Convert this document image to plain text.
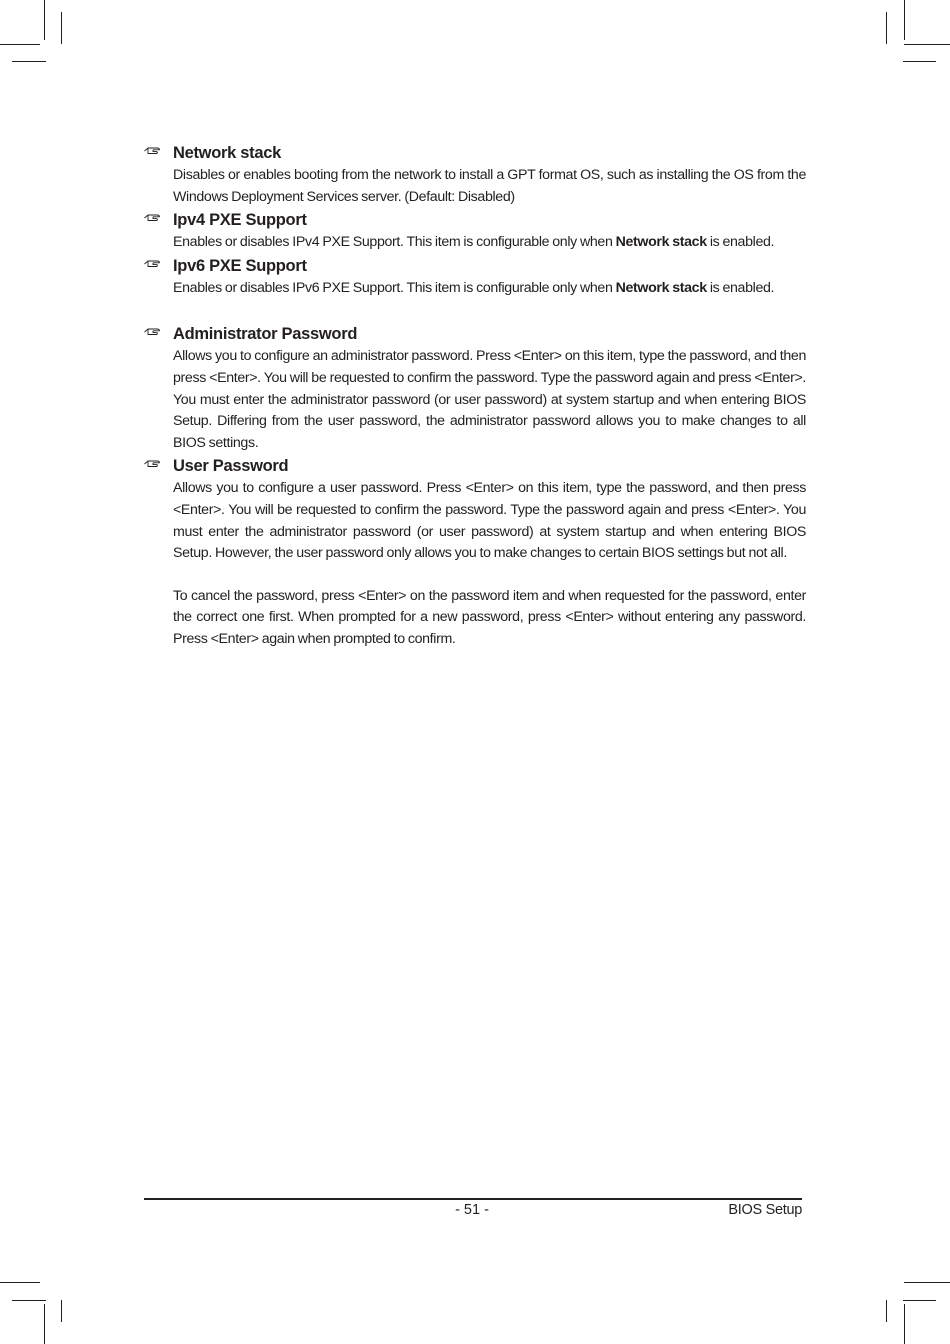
Network stack
Disables or enables booting from the network to install a GPT format OS, such as installing the OS from the Windows Deployment Services server. (Default: Disabled)
Ipv4 PXE Support
Enables or disables IPv4 PXE Support. This item is configurable only when Network stack is enabled.
Ipv6 PXE Support
Enables or disables IPv6 PXE Support. This item is configurable only when Network stack is enabled.
Administrator Password
Allows you to configure an administrator password. Press <Enter> on this item, type the password, and then press <Enter>. You will be requested to confirm the password. Type the password again and press <Enter>. You must enter the administrator password (or user password) at system startup and when entering BIOS Setup. Differing from the user password, the administrator password allows you to make changes to all BIOS settings.
User Password
Allows you to configure a user password. Press <Enter> on this item, type the password, and then press <Enter>. You will be requested to confirm the password. Type the password again and press <Enter>. You must enter the administrator password (or user password) at system startup and when entering BIOS Setup. However, the user password only allows you to make changes to certain BIOS settings but not all.
To cancel the password, press <Enter> on the password item and when requested for the password, enter the correct one first. When prompted for a new password, press <Enter> without entering any password. Press <Enter> again when prompted to confirm.
- 51 -	BIOS Setup
